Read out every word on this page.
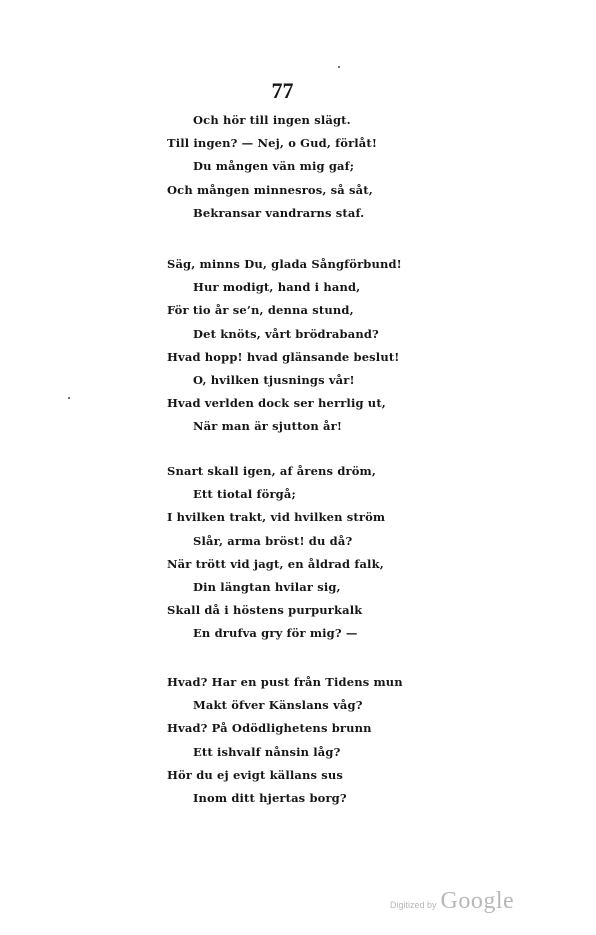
77
Och hör till ingen slägt.
Till ingen? — Nej, o Gud, förlåt!
Du mången vän mig gaf;
Och mången minnesros, så såt,
Bekransar vandrarns staf.
Säg, minns Du, glada Sångförbund!
Hur modigt, hand i hand,
För tio år se’n, denna stund,
Det knöts, vårt brödraband?
Hvad hopp! hvad glänsande beslut!
O, hvilken tjusnings vår!
Hvad verlden dock ser herrlig ut,
När man är sjutton år!
Snart skall igen, af årens dröm,
Ett tiotal förgå;
I hvilken trakt, vid hvilken ström
Slår, arma bröst! du då?
När trött vid jagt, en åldrad falk,
Din längtan hvilar sig,
Skall då i höstens purpurkalk
En drufva gry för mig? —
Hvad? Har en pust från Tidens mun
Makt öfver Känslans våg?
Hvad? På Odödlighetens brunn
Ett ishvalf nånsin låg?
Hör du ej evigt källans sus
Inom ditt hjertas borg?
Digitized by Google
